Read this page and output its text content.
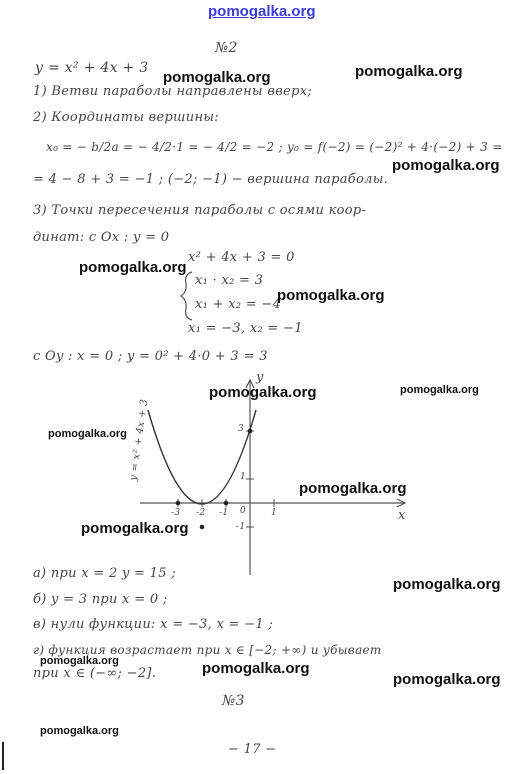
pomogalka.org
№2
y = x² + 4x + 3
1) Ветви параболы направлены вверх;
2) Координаты вершины:
x₀ = − b/2a = − 4/2·1 = − 4/2 = −2 ; y₀ = f(−2) = (−2)² + 4·(−2) + 3 =
= 4 − 8 + 3 = −1 ; (−2; −1) − вершина параболы.
3) Точки пересечения параболы с осями коор-
динат: с Ox : y = 0
x² + 4x + 3 = 0
x₁ · x₂ = 3
x₁ + x₂ = −4
x₁ = −3, x₂ = −1
с Oy : x = 0 ; y = 0² + 4·0 + 3 = 3
x
y
y = x² + 4x + 3
-3 -2 -1 0	1
3
1
-1
а) при x = 2 y = 15 ;
б) y = 3 при x = 0 ;
в) нули функции: x = −3, x = −1 ;
г) функция возрастает при x ∈ [−2; +∞) и убывает
при x ∈ (−∞; −2].
№3
− 17 −
pomogalka.org	pomogalka.org
pomogalka.org
pomogalka.org
pomogalka.org
pomogalka.org	pomogalka.org
pomogalka.org
pomogalka.org
pomogalka.org
pomogalka.org
pomogalka.org	pomogalka.org
pomogalka.org
pomogalka.org
